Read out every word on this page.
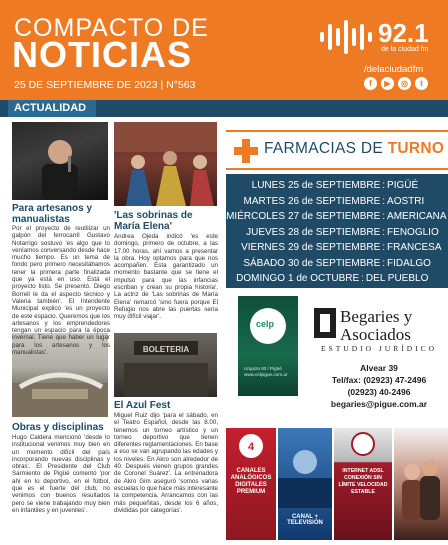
COMPACTO DE
NOTICIAS
25 DE SEPTIEMBRE DE 2023 | N°563
92.1
de la ciudad fm
/delaciudadfm
f	▶	◎	t
ACTUALIDAD
BOLETERIA
Para artesanos y manualistas
Por el proyecto de reutilizar un galpón del ferrocarril Gustavo Notarrigo sostuvo 'es algo que lo veníamos conversando desde hace mucho tiempo. Es un tema de fondo pero primero necesitábamos tener la primera parte finalizada que ya está en uso. Está el proyecto listo. Se presentó. Diego Borrell le da el aspecto técnico y Valeria también'. El Intendente Municipal explicó 'es un proyecto de este espacio. Queremos que los artesanos y los emprendedores tengan un espacio para la época invernal. Tiene que haber un lugar para los artesanos y los manualistas'.
'Las sobrinas de María Elena'
Andrea Ojeda indicó 'es este domingo, primero de octubre, a las 17.00 horas, ahí vamos a presentar la obra. Hoy optamos para que nos acompañen. Esta garantizado un momento bastante que se tiene el impulso para que las infancias escriban y crean su propia historia'. La actriz de 'Las sobrinas de María Elena' remarcó 'sino fuera porque El Refugio nos abre las puertas sería muy difícil viajar'.
Obras y disciplinas
Hugo Caldera mencionó 'desde lo institucional venimos muy bien en un momento difícil del país incorporando nuevas disciplinas y obras'. El Presidente del Club Sarmiento de Pigüé comentó 'por ahí en lo deportivo, en el fútbol, que es el fuerte del club, no venimos con buenos resultados pero se viene trabajando muy bien en infantiles y en juveniles'.
El Azul Fest
Miguel Ruiz dijo 'para el sábado, en el Teatro Español, desde las 8.00, tenemos un torneo artístico y un torneo deportivo que tienen diferentes reglamentaciones. En base a eso se van agrupando las edades y los niveles. En Akro son alrededor de 40. Después vienen grupos grandes de Coronel Suárez'. La entrenadora de Akro Gim aseguró 'somos varias escuelas lo que hace más interesante la competencia. Arrancamos con las más pequeñitas, desde los 6 años, divididas por categorías'.
FARMACIAS DE TURNO
LUNES 25 de SEPTIEMBRE : PIGÜÉ
MARTES 26 de SEPTIEMBRE : AOSTRI
MIÉRCOLES 27 de SEPTIEMBRE : AMERICANA
JUEVES 28 de SEPTIEMBRE : FENOGLIO
VIERNES 29 de SEPTIEMBRE : FRANCESA
SÁBADO 30 de SEPTIEMBRE : FIDALGO
DOMINGO 1 de OCTUBRE : DEL PUEBLO
celp
Urquiza 93 / Pigüé www.celpigue.com.ar
Begaries y
Asociados
ESTUDIO JURÍDICO
Alvear 39
Tel/fax: (02923) 47-2496
(02923) 40-2496
begaries@pigue.com.ar
4
CANALES ANALÓGICOS DIGITALES PREMIUM
CANAL + TELEVISIÓN
INTERNET ADSL CONEXIÓN SIN LÍMITE VELOCIDAD ESTABLE
